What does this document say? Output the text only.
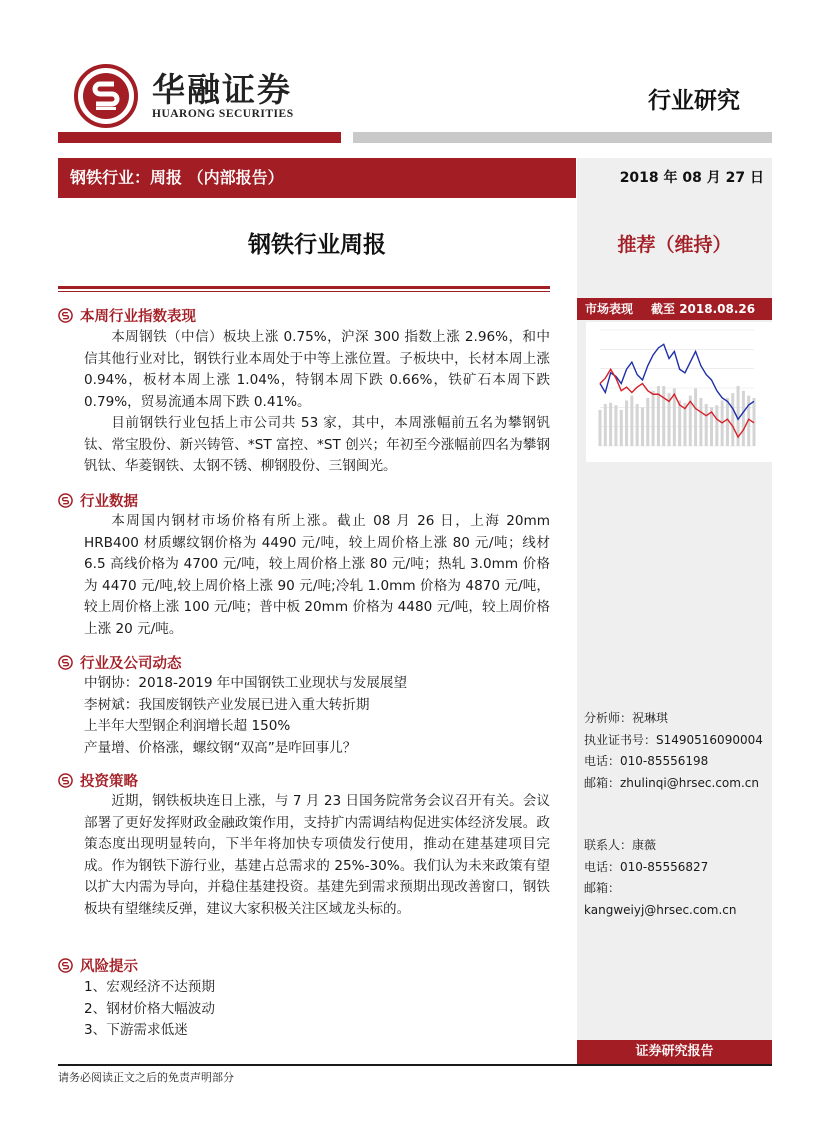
华融证券
HUARONG SECURITIES	行业研究
钢铁行业：周报 （内部报告）	2018 年 08 月 27 日
钢铁行业周报	推荐（维持）
本周行业指数表现

本周钢铁（中信）板块上涨 0.75%，沪深 300 指数上涨 2.96%，和中信其他行业对比，钢铁行业本周处于中等上涨位置。子板块中，长材本周上涨 0.94%，板材本周上涨 1.04%，特钢本周下跌 0.66%，铁矿石本周下跌 0.79%，贸易流通本周下跌 0.41%。

目前钢铁行业包括上市公司共 53 家，其中，本周涨幅前五名为攀钢钒钛、常宝股份、新兴铸管、*ST 富控、*ST 创兴；年初至今涨幅前四名为攀钢钒钛、华菱钢铁、太钢不锈、柳钢股份、三钢闽光。

行业数据

本周国内钢材市场价格有所上涨。截止 08 月 26 日，上海 20mm HRB400 材质螺纹钢价格为 4490 元/吨，较上周价格上涨 80 元/吨；线材 6.5 高线价格为 4700 元/吨，较上周价格上涨 80 元/吨；热轧 3.0mm 价格为 4470 元/吨,较上周价格上涨 90 元/吨;冷轧 1.0mm 价格为 4870 元/吨，较上周价格上涨 100 元/吨；普中板 20mm 价格为 4480 元/吨，较上周价格上涨 20 元/吨。

行业及公司动态

中钢协：2018-2019 年中国钢铁工业现状与发展展望

李树斌：我国废钢铁产业发展已进入重大转折期

上半年大型钢企利润增长超 150%

产量增、价格涨，螺纹钢“双高”是咋回事儿？

投资策略

近期，钢铁板块连日上涨，与 7 月 23 日国务院常务会议召开有关。会议部署了更好发挥财政金融政策作用，支持扩内需调结构促进实体经济发展。政策态度出现明显转向，下半年将加快专项债发行使用，推动在建基建项目完成。作为钢铁下游行业，基建占总需求的 25%-30%。我们认为未来政策有望以扩大内需为导向，并稳住基建投资。基建先到需求预期出现改善窗口，钢铁板块有望继续反弹，建议大家积极关注区域龙头标的。

风险提示

1、宏观经济不达预期

2、钢材价格大幅波动

3、下游需求低迷

市场表现 截至 2018.08.26
分析师：祝琳琪
执业证书号：S1490516090004
电话：010-85556198
邮箱：zhulinqi@hrsec.com.cn
联系人：康薇
电话：010-85556827
邮箱：kangweiyj@hrsec.com.cn
证券研究报告
请务必阅读正文之后的免责声明部分
